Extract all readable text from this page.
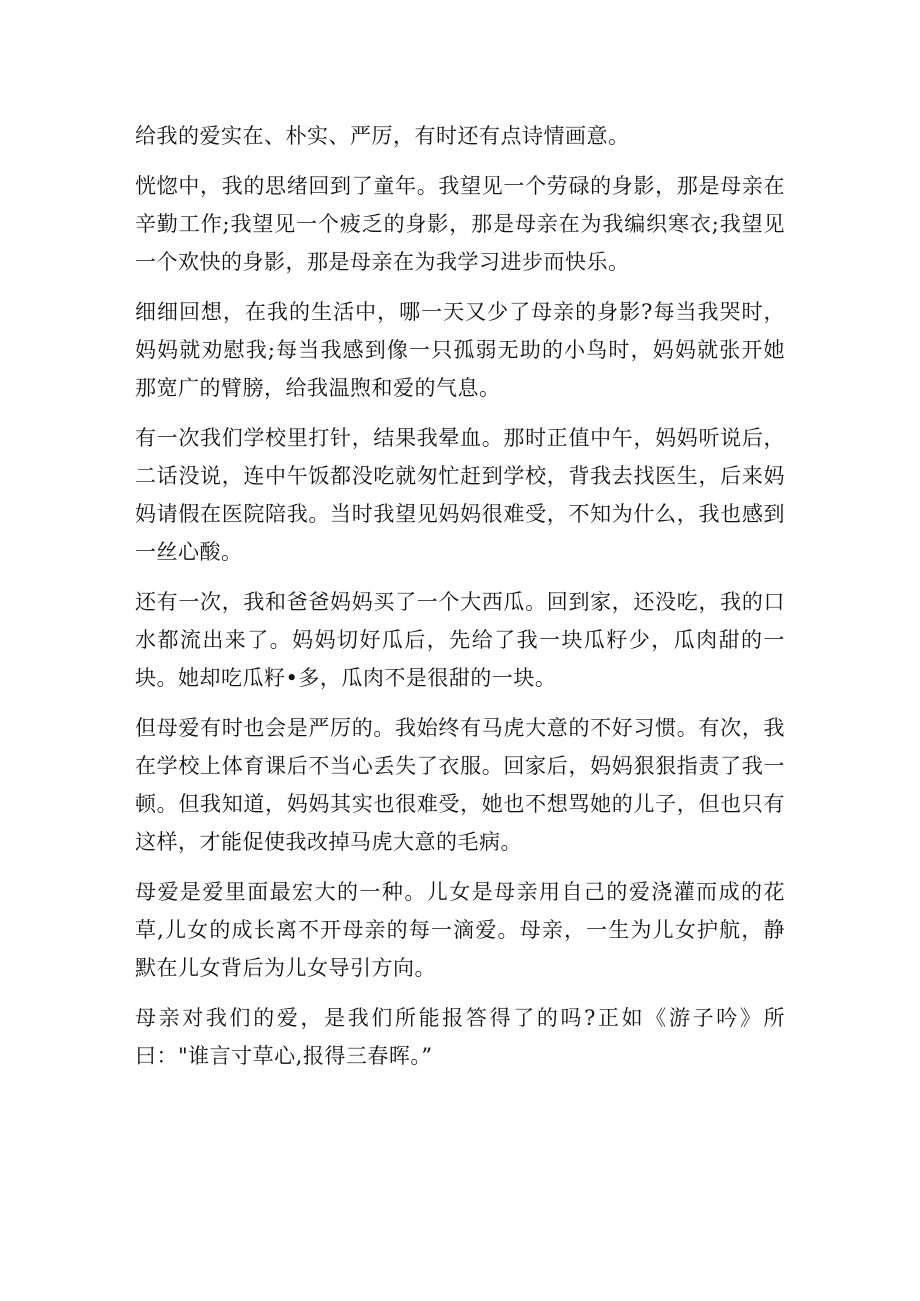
给我的爱实在、朴实、严厉，有时还有点诗情画意。

恍惚中，我的思绪回到了童年。我望见一个劳碌的身影，那是母亲在辛勤工作;我望见一个疲乏的身影，那是母亲在为我编织寒衣;我望见一个欢快的身影，那是母亲在为我学习进步而快乐。

细细回想，在我的生活中，哪一天又少了母亲的身影?每当我哭时，妈妈就劝慰我;每当我感到像一只孤弱无助的小鸟时，妈妈就张开她那宽广的臂膀，给我温煦和爱的气息。

有一次我们学校里打针，结果我晕血。那时正值中午，妈妈听说后，二话没说，连中午饭都没吃就匆忙赶到学校，背我去找医生，后来妈妈请假在医院陪我。当时我望见妈妈很难受，不知为什么，我也感到一丝心酸。

还有一次，我和爸爸妈妈买了一个大西瓜。回到家，还没吃，我的口水都流出来了。妈妈切好瓜后，先给了我一块瓜籽少，瓜肉甜的一块。她却吃瓜籽•多，瓜肉不是很甜的一块。

但母爱有时也会是严厉的。我始终有马虎大意的不好习惯。有次，我在学校上体育课后不当心丢失了衣服。回家后，妈妈狠狠指责了我一顿。但我知道，妈妈其实也很难受，她也不想骂她的儿子，但也只有这样，才能促使我改掉马虎大意的毛病。

母爱是爱里面最宏大的一种。儿女是母亲用自己的爱浇灌而成的花草,儿女的成长离不开母亲的每一滴爱。母亲，一生为儿女护航，静默在儿女背后为儿女导引方向。

母亲对我们的爱，是我们所能报答得了的吗?正如《游子吟》所曰："谁言寸草心,报得三春晖。”
